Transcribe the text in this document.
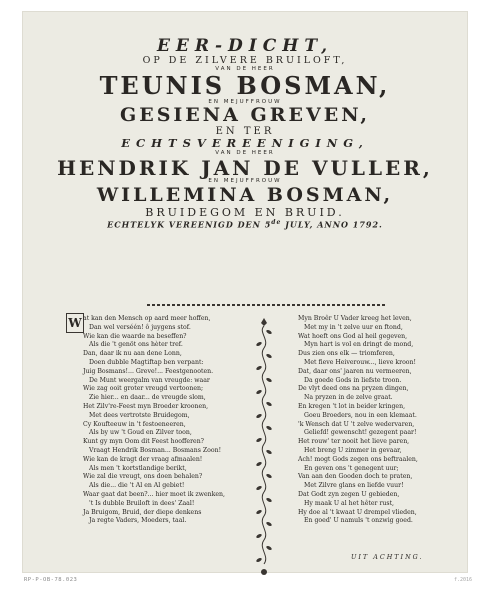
EER-DICHT,
OP DE ZILVERE BRUILOFT,
VAN DE HEER
TEUNIS BOSMAN,
EN MEJUFFROUW
GESIENA GREVEN,
EN TER
ECHTSVEREENIGING,
VAN DE HEER
HENDRIK JAN DE VULLER,
EN MEJUFFROUW
WILLEMINA BOSMAN,
BRUIDEGOM EN BRUID.
ECHTELYK VEREENIGD DEN 5de JULY, ANNO 1792.
W at kan den Mensch op aard meer hoffen,
Dan wel verséén! ô juygens stof.
Wie kan die waarde na beseffen?
Als die 't genöt ons hèter tref.
Dan, daar ik nu aan dene Lonn,
Doen dubble Magtiftap ben verpant:
Juig Bosmans!... Greve!... Feestgenooten.
De Munt weergalm van vreugde: waar
Wie zag ooit groter vreugd vertoonen;
Zie hier... en daar... de vreugde slom,
Het Zilv're-Feest myn Broeder kroonen,
Met dees vertrotste Bruidegom,
Cy Koufteeuw in 't festoeneeren,
Als by uw 't Goud en Zilver toon,
Kunt gy myn Oom dit Feest hoofferen?
Vraagt Hendrik Bosman... Bosmans Zoon!
Wie kan de kragt der vraag afmaalen!
Als men 't kortstlandige berikt,
Wie zal die vreugt, ons doen behalen?
Als die... die 't Al en Al gebiet!
Waar gaat dat been?... hier moet ik zwenken,
't Is dubble Bruiloft in dees' Zaal!
Ja Bruigom, Bruid, der diepe denkens
Ja regte Vaders, Moeders, taal.
Myn Broêr U Vader kreeg het leven,
Met my in 't zelve uur en ftond,
Wat hoeft ons God al heil gegeven,
Myn hart is vol en dringt de mond,
Dus zien ons elk — triomferen,
Met fieve Heiverouw..., lieve kroon!
Dat, daar ons' jaaren nu vermeeren,
Da goede Gods in liefste troon.
De vlyt deed ons na pryzen dingen,
Na pryzen in de zelve graat.
En kregen 't lot in beider kringen,
Goeu Broeders, nou in een klemaat.
'k Wensch dat U 't zelve wedervaren,
Geliefd! gewenscht! gezegent paar!
Het rouw' ter nooit het lieve paren,
Het breng U zimmer in gevaar,
Ach! mogt Gods zegen ons beftraalen,
En geven ons 't genegent uur;
Van aan den Gooden doch te praten,
Met Zilvre glans en liefde vuur!
Dat Godt zyn zegen U gebieden,
Hy maak U al het hêter rust,
Hy doe al 't kwaat U drempel vlieden,
En goed' U namuls 't onzwig goed.
UIT ACHTING.
RP-P-OB-78.023	f.2016
